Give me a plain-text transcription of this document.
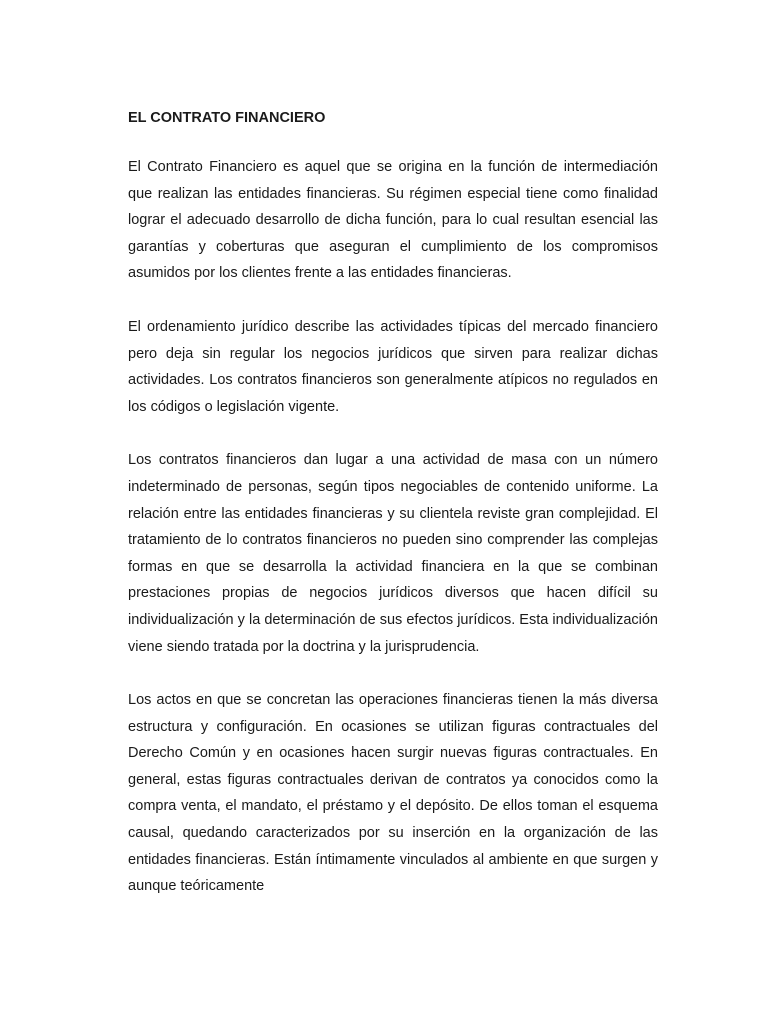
EL CONTRATO FINANCIERO

El Contrato Financiero es aquel que se origina en la función de intermediación que realizan las entidades financieras. Su régimen especial tiene como finalidad lograr el adecuado desarrollo de dicha función, para lo cual resultan esencial las garantías y coberturas que aseguran el cumplimiento de los compromisos asumidos por los clientes frente a las entidades financieras.

El ordenamiento jurídico describe las actividades típicas del mercado financiero pero deja sin regular los negocios jurídicos que sirven para realizar dichas actividades. Los contratos financieros son generalmente atípicos no regulados en los códigos o legislación vigente.

Los contratos financieros dan lugar a una actividad de masa con un número indeterminado de personas, según tipos negociables de contenido uniforme. La relación entre las entidades financieras y su clientela reviste gran complejidad. El tratamiento de lo contratos financieros no pueden sino comprender las complejas formas en que se desarrolla la actividad financiera en la que se combinan prestaciones propias de negocios jurídicos diversos que hacen difícil su individualización y la determinación de sus efectos jurídicos. Esta individualización viene siendo tratada por la doctrina y la jurisprudencia.

Los actos en que se concretan las operaciones financieras tienen la más diversa estructura y configuración. En ocasiones se utilizan figuras contractuales del Derecho Común y en ocasiones hacen surgir nuevas figuras contractuales. En general, estas figuras contractuales derivan de contratos ya conocidos como la compra venta, el mandato, el préstamo y el depósito. De ellos toman el esquema causal, quedando caracterizados por su inserción en la organización de las entidades financieras. Están íntimamente vinculados al ambiente en que surgen y aunque teóricamente
